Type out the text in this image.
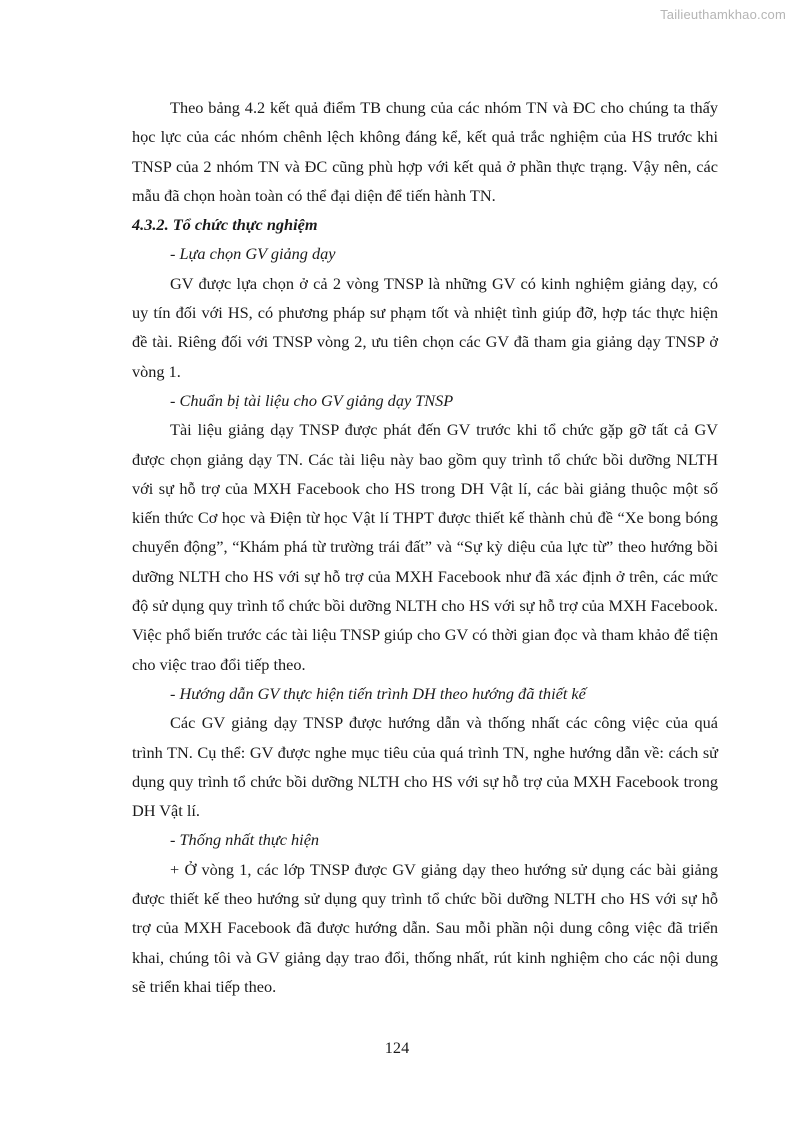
Tailieuthamkhao.com

Theo bảng 4.2 kết quả điểm TB chung của các nhóm TN và ĐC cho chúng ta thấy học lực của các nhóm chênh lệch không đáng kể, kết quả trắc nghiệm của HS trước khi TNSP của 2 nhóm TN và ĐC cũng phù hợp với kết quả ở phần thực trạng. Vậy nên, các mẫu đã chọn hoàn toàn có thể đại diện để tiến hành TN.

4.3.2. Tổ chức thực nghiệm

- Lựa chọn GV giảng dạy

GV được lựa chọn ở cả 2 vòng TNSP là những GV có kinh nghiệm giảng dạy, có uy tín đối với HS, có phương pháp sư phạm tốt và nhiệt tình giúp đỡ, hợp tác thực hiện đề tài. Riêng đối với TNSP vòng 2, ưu tiên chọn các GV đã tham gia giảng dạy TNSP ở vòng 1.

- Chuẩn bị tài liệu cho GV giảng dạy TNSP

Tài liệu giảng dạy TNSP được phát đến GV trước khi tổ chức gặp gỡ tất cả GV được chọn giảng dạy TN. Các tài liệu này bao gồm quy trình tổ chức bồi dưỡng NLTH với sự hỗ trợ của MXH Facebook cho HS trong DH Vật lí, các bài giảng thuộc một số kiến thức Cơ học và Điện từ học Vật lí THPT được thiết kế thành chủ đề “Xe bong bóng chuyển động”, “Khám phá từ trường trái đất” và “Sự kỳ diệu của lực từ” theo hướng bồi dưỡng NLTH cho HS với sự hỗ trợ của MXH Facebook như đã xác định ở trên, các mức độ sử dụng quy trình tổ chức bồi dưỡng NLTH cho HS với sự hỗ trợ của MXH Facebook. Việc phổ biến trước các tài liệu TNSP giúp cho GV có thời gian đọc và tham khảo để tiện cho việc trao đổi tiếp theo.

- Hướng dẫn GV thực hiện tiến trình DH theo hướng đã thiết kế

Các GV giảng dạy TNSP được hướng dẫn và thống nhất các công việc của quá trình TN. Cụ thể: GV được nghe mục tiêu của quá trình TN, nghe hướng dẫn về: cách sử dụng quy trình tổ chức bồi dưỡng NLTH cho HS với sự hỗ trợ của MXH Facebook trong DH Vật lí.

- Thống nhất thực hiện

+ Ở vòng 1, các lớp TNSP được GV giảng dạy theo hướng sử dụng các bài giảng được thiết kế theo hướng sử dụng quy trình tổ chức bồi dưỡng NLTH cho HS với sự hỗ trợ của MXH Facebook đã được hướng dẫn. Sau mỗi phần nội dung công việc đã triển khai, chúng tôi và GV giảng dạy trao đổi, thống nhất, rút kinh nghiệm cho các nội dung sẽ triển khai tiếp theo.

124
